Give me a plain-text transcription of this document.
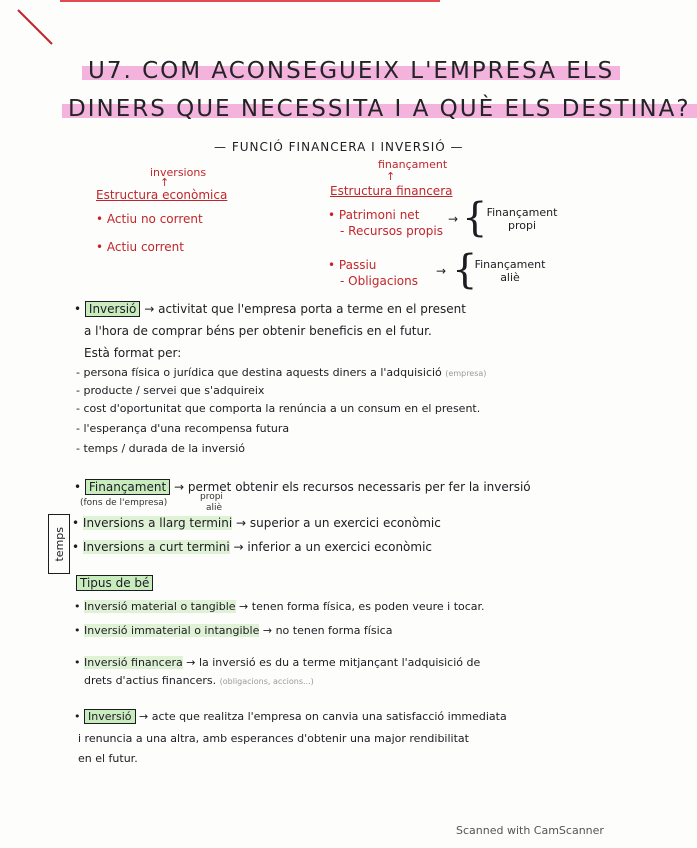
U7. COM ACONSEGUEIX L'EMPRESA ELS
DINERS QUE NECESSITA I A QUÈ ELS DESTINA?
— FUNCIÓ FINANCERA I INVERSIÓ —
inversions
↑
Estructura econòmica
• Actiu no corrent
• Actiu corrent
finançament
↑
Estructura financera
• Patrimoni net
- Recursos propis
• Passiu
- Obligacions
→ { Finançament propi
→ {
Finançament aliè
• Inversió → activitat que l'empresa porta a terme en el present
a l'hora de comprar béns per obtenir beneficis en el futur.
Està format per:
- persona física o jurídica que destina aquests diners a l'adquisició (empresa)
- producte / servei que s'adquireix
- cost d'oportunitat que comporta la renúncia a un consum en el present.
- l'esperança d'una recompensa futura
- temps / durada de la inversió
• Finançament → permet obtenir els recursos necessaris per fer la inversió
(fons de l'empresa)
propi
aliè
temps
• Inversions a llarg termini → superior a un exercici econòmic
• Inversions a curt termini → inferior a un exercici econòmic
Tipus de bé
• Inversió material o tangible → tenen forma física, es poden veure i tocar.
• Inversió immaterial o intangible → no tenen forma física
• Inversió financera → la inversió es du a terme mitjançant l'adquisició de
drets d'actius financers. (obligacions, accions...)
• Inversió → acte que realitza l'empresa on canvia una satisfacció immediata
i renuncia a una altra, amb esperances d'obtenir una major rendibilitat
en el futur.
Scanned with CamScanner
